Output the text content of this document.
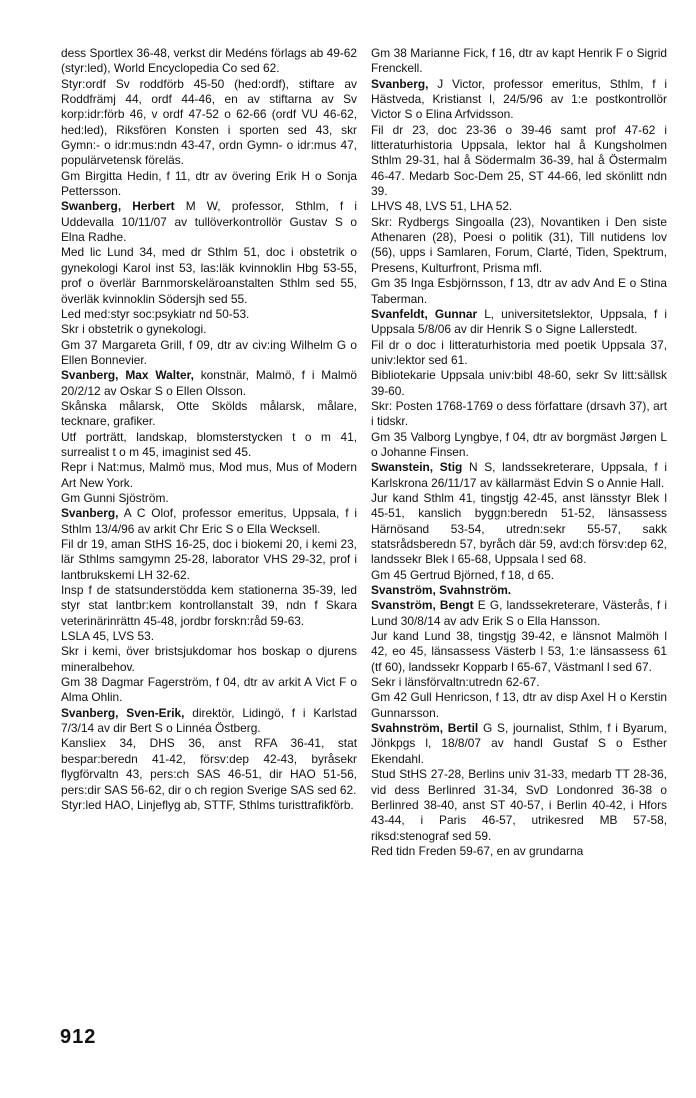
dess Sportlex 36-48, verkst dir Medéns förlags ab 49-62 (styr:led), World Encyclopedia Co sed 62.

Styr:ordf Sv roddförb 45-50 (hed:ordf), stiftare av Roddfrämj 44, ordf 44-46, en av stiftarna av Sv korp:idr:förb 46, v ordf 47-52 o 62-66 (ordf VU 46-62, hed:led), Riksfören Konsten i sporten sed 43, skr Gymn:- o idr:mus:ndn 43-47, ordn Gymn- o idr:mus 47, populärvetensk föreläs.

Gm Birgitta Hedin, f 11, dtr av övering Erik H o Sonja Pettersson.

Swanberg, Herbert M W, professor, Sthlm, f i Uddevalla 10/11/07 av tullöverkontrollör Gustav S o Elna Radhe.

Med lic Lund 34, med dr Sthlm 51, doc i obstetrik o gynekologi Karol inst 53, las:läk kvinnoklin Hbg 53-55, prof o överlär Barnmorskeläroanstalten Sthlm sed 55, överläk kvinnoklin Södersjh sed 55.

Led med:styr soc:psykiatr nd 50-53.

Skr i obstetrik o gynekologi.

Gm 37 Margareta Grill, f 09, dtr av civ:ing Wilhelm G o Ellen Bonnevier.

Svanberg, Max Walter, konstnär, Malmö, f i Malmö 20/2/12 av Oskar S o Ellen Olsson.

Skånska målarsk, Otte Skölds målarsk, målare, tecknare, grafiker.

Utf porträtt, landskap, blomsterstycken t o m 41, surrealist t o m 45, imaginist sed 45.

Repr i Nat:mus, Malmö mus, Mod mus, Mus of Modern Art New York.

Gm Gunni Sjöström.

Svanberg, A C Olof, professor emeritus, Uppsala, f i Sthlm 13/4/96 av arkit Chr Eric S o Ella Wecksell.

Fil dr 19, aman StHS 16-25, doc i biokemi 20, i kemi 23, lär Sthlms samgymn 25-28, laborator VHS 29-32, prof i lantbrukskemi LH 32-62.

Insp f de statsunderstödda kem stationerna 35-39, led styr stat lantbr:kem kontrollanstalt 39, ndn f Skara veterinärinrättn 45-48, jordbr forskn:råd 59-63.

LSLA 45, LVS 53.

Skr i kemi, över bristsjukdomar hos boskap o djurens mineralbehov.

Gm 38 Dagmar Fagerström, f 04, dtr av arkit A Vict F o Alma Ohlin.

Svanberg, Sven-Erik, direktör, Lidingö, f i Karlstad 7/3/14 av dir Bert S o Linnéa Östberg.

Kansliex 34, DHS 36, anst RFA 36-41, stat bespar:beredn 41-42, försv:dep 42-43, byråsekr flygförvaltn 43, pers:ch SAS 46-51, dir HAO 51-56, pers:dir SAS 56-62, dir o ch region Sverige SAS sed 62.

Styr:led HAO, Linjeflyg ab, STTF, Sthlms turisttrafikförb.

Gm 38 Marianne Fick, f 16, dtr av kapt Henrik F o Sigrid Frenckell.

Svanberg, J Victor, professor emeritus, Sthlm, f i Hästveda, Kristianst l, 24/5/96 av 1:e postkontrollör Victor S o Elina Arfvidsson.

Fil dr 23, doc 23-36 o 39-46 samt prof 47-62 i litteraturhistoria Uppsala, lektor hal å Kungsholmen Sthlm 29-31, hal å Södermalm 36-39, hal å Östermalm 46-47. Medarb Soc-Dem 25, ST 44-66, led skönlitt ndn 39.

LHVS 48, LVS 51, LHA 52.

Skr: Rydbergs Singoalla (23), Novantiken i Den siste Athenaren (28), Poesi o politik (31), Till nutidens lov (56), upps i Samlaren, Forum, Clarté, Tiden, Spektrum, Presens, Kulturfront, Prisma mfl.

Gm 35 Inga Esbjörnsson, f 13, dtr av adv And E o Stina Taberman.

Svanfeldt, Gunnar L, universitetslektor, Uppsala, f i Uppsala 5/8/06 av dir Henrik S o Signe Lallerstedt.

Fil dr o doc i litteraturhistoria med poetik Uppsala 37, univ:lektor sed 61.

Bibliotekarie Uppsala univ:bibl 48-60, sekr Sv litt:sällsk 39-60.

Skr: Posten 1768-1769 o dess författare (drsavh 37), art i tidskr.

Gm 35 Valborg Lyngbye, f 04, dtr av borgmäst Jørgen L o Johanne Finsen.

Swanstein, Stig N S, landssekreterare, Uppsala, f i Karlskrona 26/11/17 av källarmäst Edvin S o Annie Hall.

Jur kand Sthlm 41, tingstjg 42-45, anst länsstyr Blek l 45-51, kanslich byggn:beredn 51-52, länsassess Härnösand 53-54, utredn:sekr 55-57, sakk statsrådsberedn 57, byråch där 59, avd:ch försv:dep 62, landssekr Blek l 65-68, Uppsala l sed 68.

Gm 45 Gertrud Björned, f 18, d 65.

Svanström, Svahnström.

Svanström, Bengt E G, landssekreterare, Västerås, f i Lund 30/8/14 av adv Erik S o Ella Hansson.

Jur kand Lund 38, tingstjg 39-42, e länsnot Malmöh l 42, eo 45, länsassess Västerb l 53, 1:e länsassess 61 (tf 60), landssekr Kopparb l 65-67, Västmanl l sed 67.

Sekr i länsförvaltn:utredn 62-67.

Gm 42 Gull Henricson, f 13, dtr av disp Axel H o Kerstin Gunnarsson.

Svahnström, Bertil G S, journalist, Sthlm, f i Byarum, Jönkpgs l, 18/8/07 av handl Gustaf S o Esther Ekendahl.

Stud StHS 27-28, Berlins univ 31-33, medarb TT 28-36, vid dess Berlinred 31-34, SvD Londonred 36-38 o Berlinred 38-40, anst ST 40-57, i Berlin 40-42, i Hfors 43-44, i Paris 46-57, utrikesred MB 57-58, riksd:stenograf sed 59.

Red tidn Freden 59-67, en av grundarna

912
